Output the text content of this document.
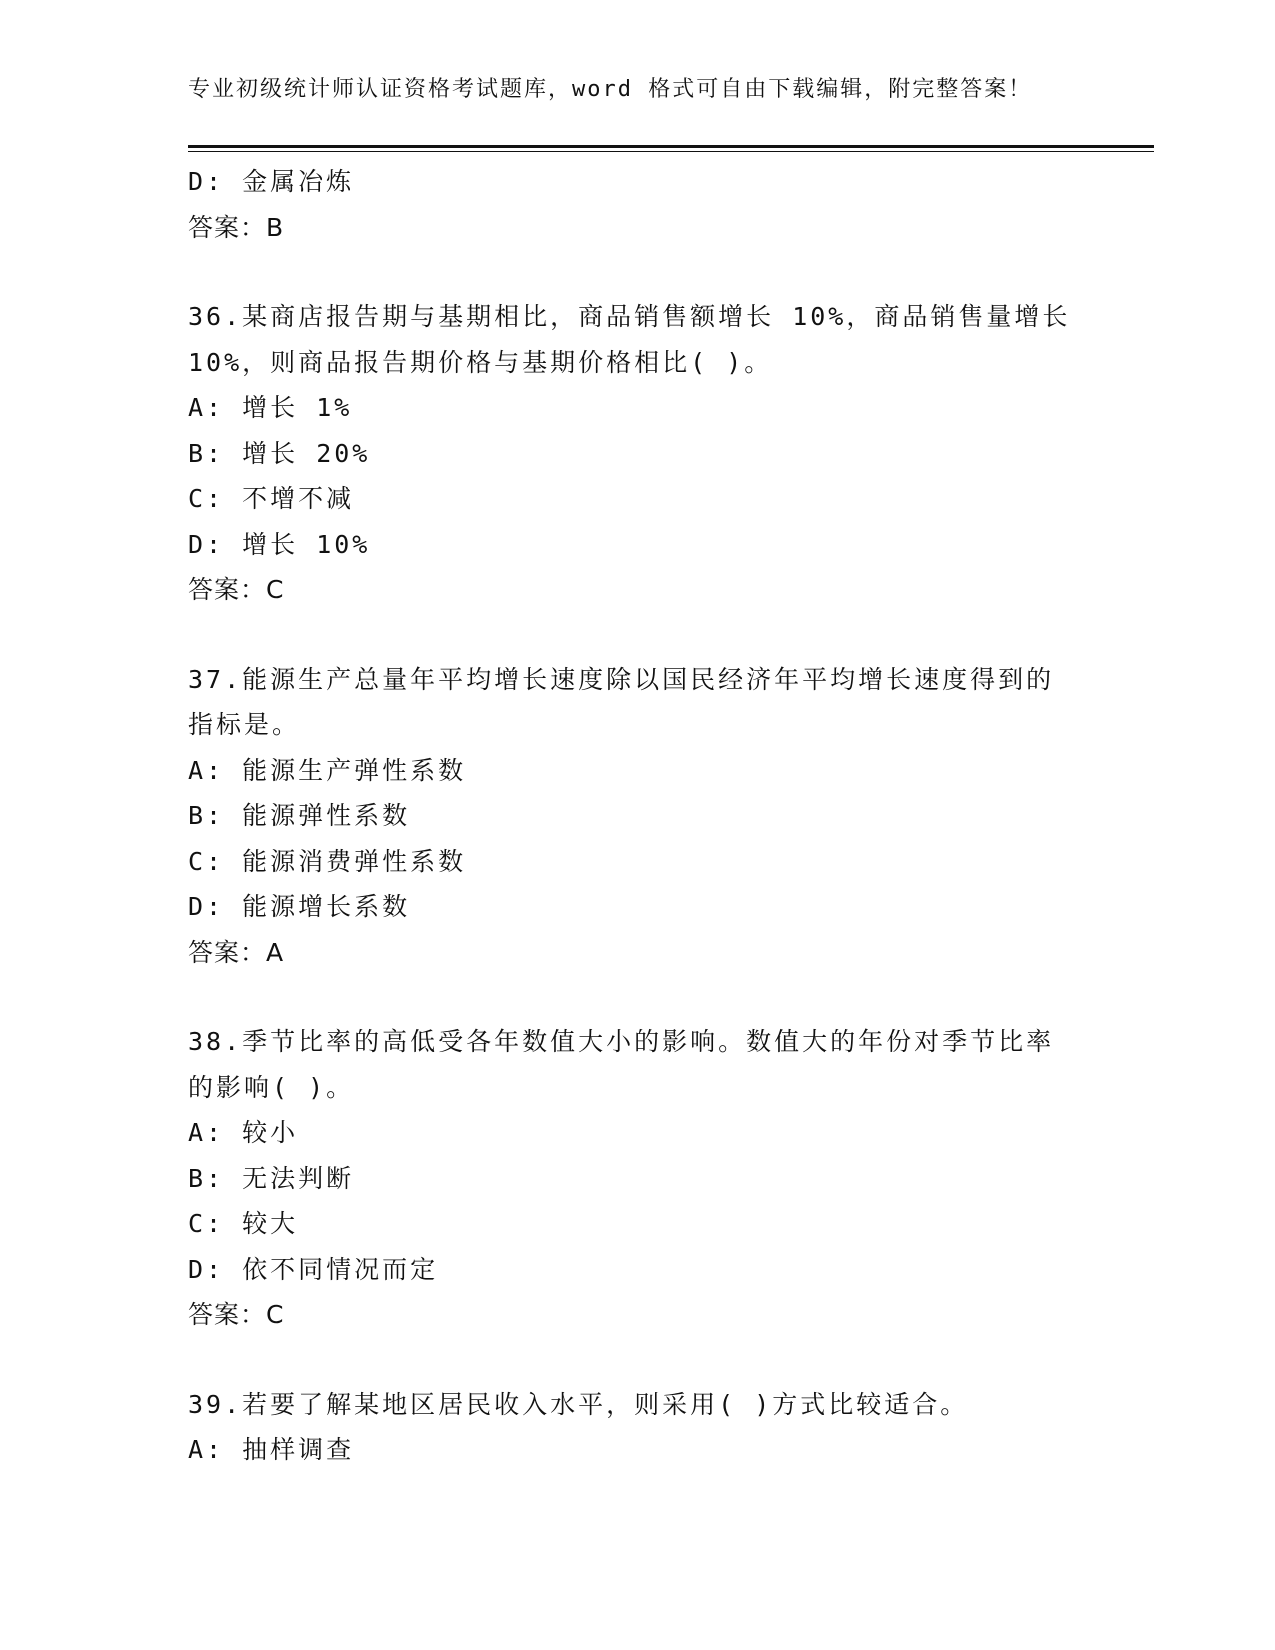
专业初级统计师认证资格考试题库，word 格式可自由下载编辑，附完整答案！
D: 金属冶炼
答案：B
36.某商店报告期与基期相比，商品销售额增长 10%，商品销售量增长
10%，则商品报告期价格与基期价格相比( )。
A: 增长 1%
B: 增长 20%
C: 不增不减
D: 增长 10%
答案：C
37.能源生产总量年平均增长速度除以国民经济年平均增长速度得到的
指标是。
A: 能源生产弹性系数
B: 能源弹性系数
C: 能源消费弹性系数
D: 能源增长系数
答案：A
38.季节比率的高低受各年数值大小的影响。数值大的年份对季节比率
的影响( )。
A: 较小
B: 无法判断
C: 较大
D: 依不同情况而定
答案：C
39.若要了解某地区居民收入水平，则采用( )方式比较适合。
A: 抽样调查
